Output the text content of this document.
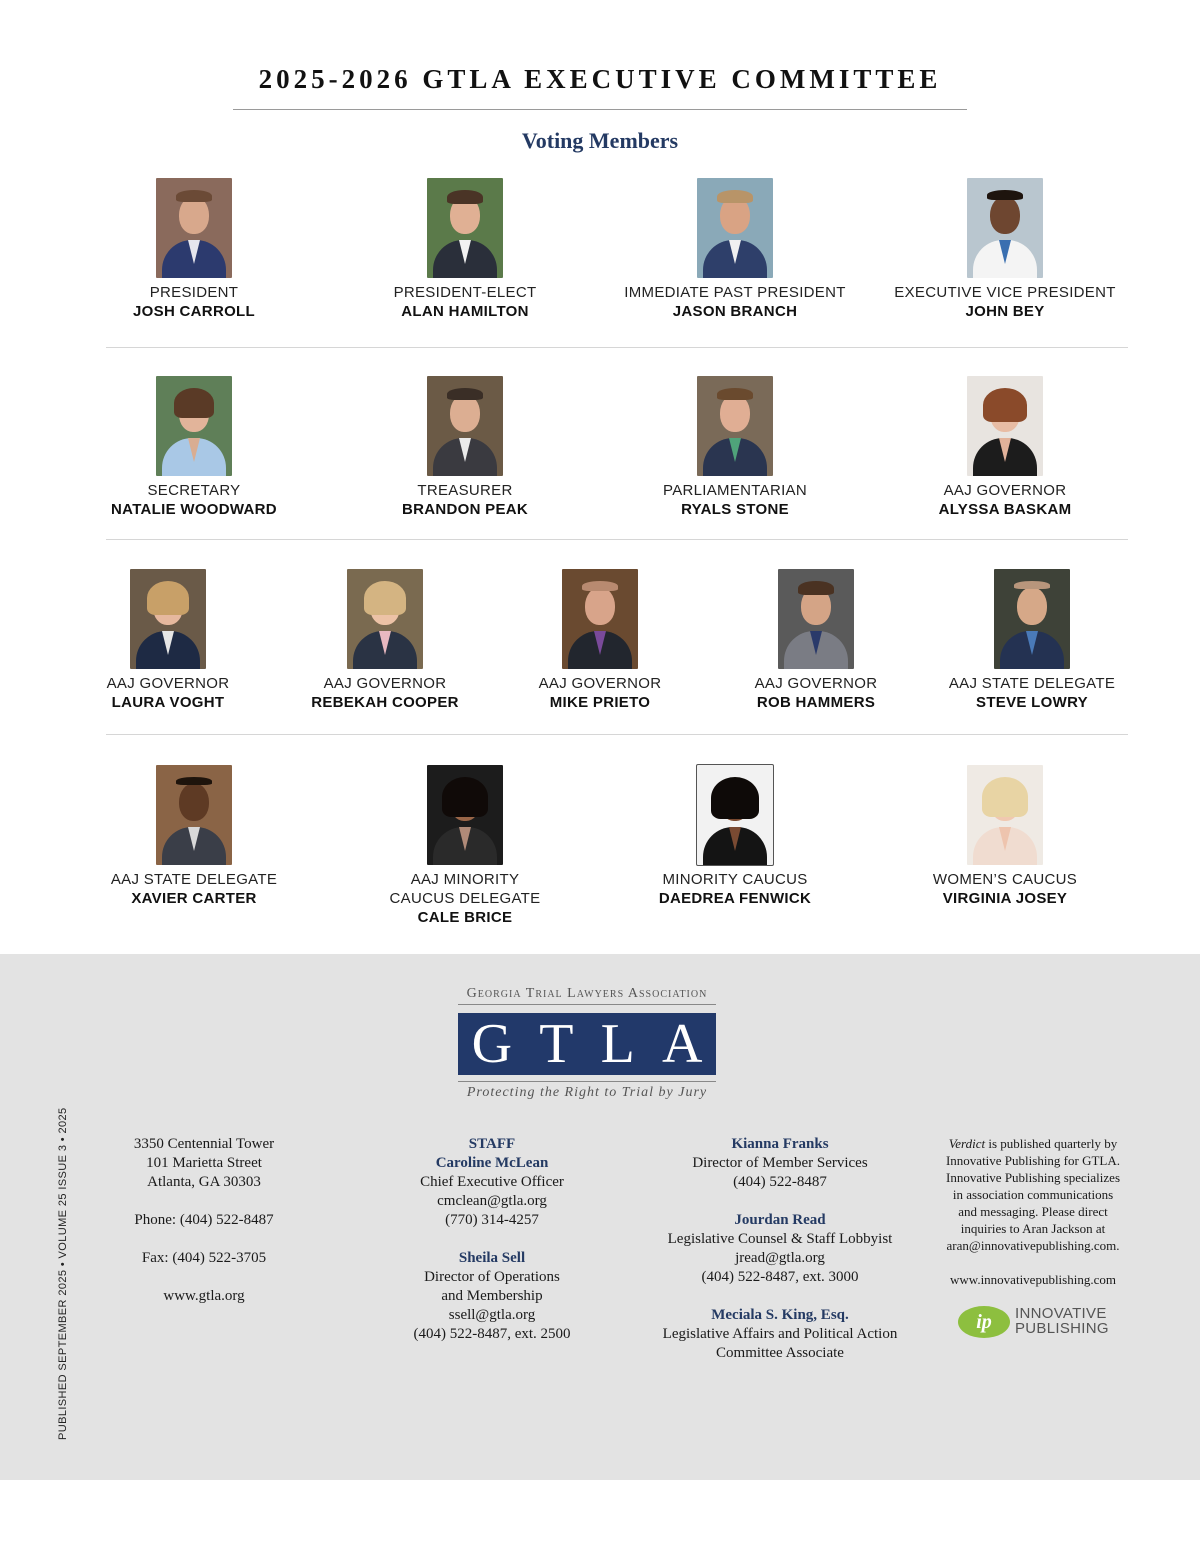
2025-2026 GTLA EXECUTIVE COMMITTEE
Voting Members
PRESIDENT
JOSH CARROLL
PRESIDENT-ELECT
ALAN HAMILTON
IMMEDIATE PAST PRESIDENT
JASON BRANCH
EXECUTIVE VICE PRESIDENT
JOHN BEY
SECRETARY
NATALIE WOODWARD
TREASURER
BRANDON PEAK
PARLIAMENTARIAN
RYALS STONE
AAJ GOVERNOR
ALYSSA BASKAM
AAJ GOVERNOR
LAURA VOGHT
AAJ GOVERNOR
REBEKAH COOPER
AAJ GOVERNOR
MIKE PRIETO
AAJ GOVERNOR
ROB HAMMERS
AAJ STATE DELEGATE
STEVE LOWRY
AAJ STATE DELEGATE
XAVIER CARTER
AAJ MINORITY
CAUCUS DELEGATE
CALE BRICE
MINORITY CAUCUS
DAEDREA FENWICK
WOMEN’S CAUCUS
VIRGINIA JOSEY
Georgia Trial Lawyers Association
G T L A
Protecting the Right to Trial by Jury
PUBLISHED SEPTEMBER 2025 • VOLUME 25 ISSUE 3 • 2025	3350 Centennial Tower
101 Marietta Street
Atlanta, GA 30303
Phone: (404) 522-8487
Fax: (404) 522-3705
www.gtla.org
STAFF
Caroline McLean
Chief Executive Officer
cmclean@gtla.org
(770) 314-4257
Sheila Sell
Director of Operations
and Membership
ssell@gtla.org
(404) 522-8487, ext. 2500
Kianna Franks
Director of Member Services
(404) 522-8487
Jourdan Read
Legislative Counsel & Staff Lobbyist
jread@gtla.org
(404) 522-8487, ext. 3000
Meciala S. King, Esq.
Legislative Affairs and Political Action
Committee Associate
Verdict is published quarterly by
Innovative Publishing for GTLA.
Innovative Publishing specializes
in association communications
and messaging. Please direct
inquiries to Aran Jackson at
aran@innovativepublishing.com.
www.innovativepublishing.com
ip	INNOVATIVE
PUBLISHING
